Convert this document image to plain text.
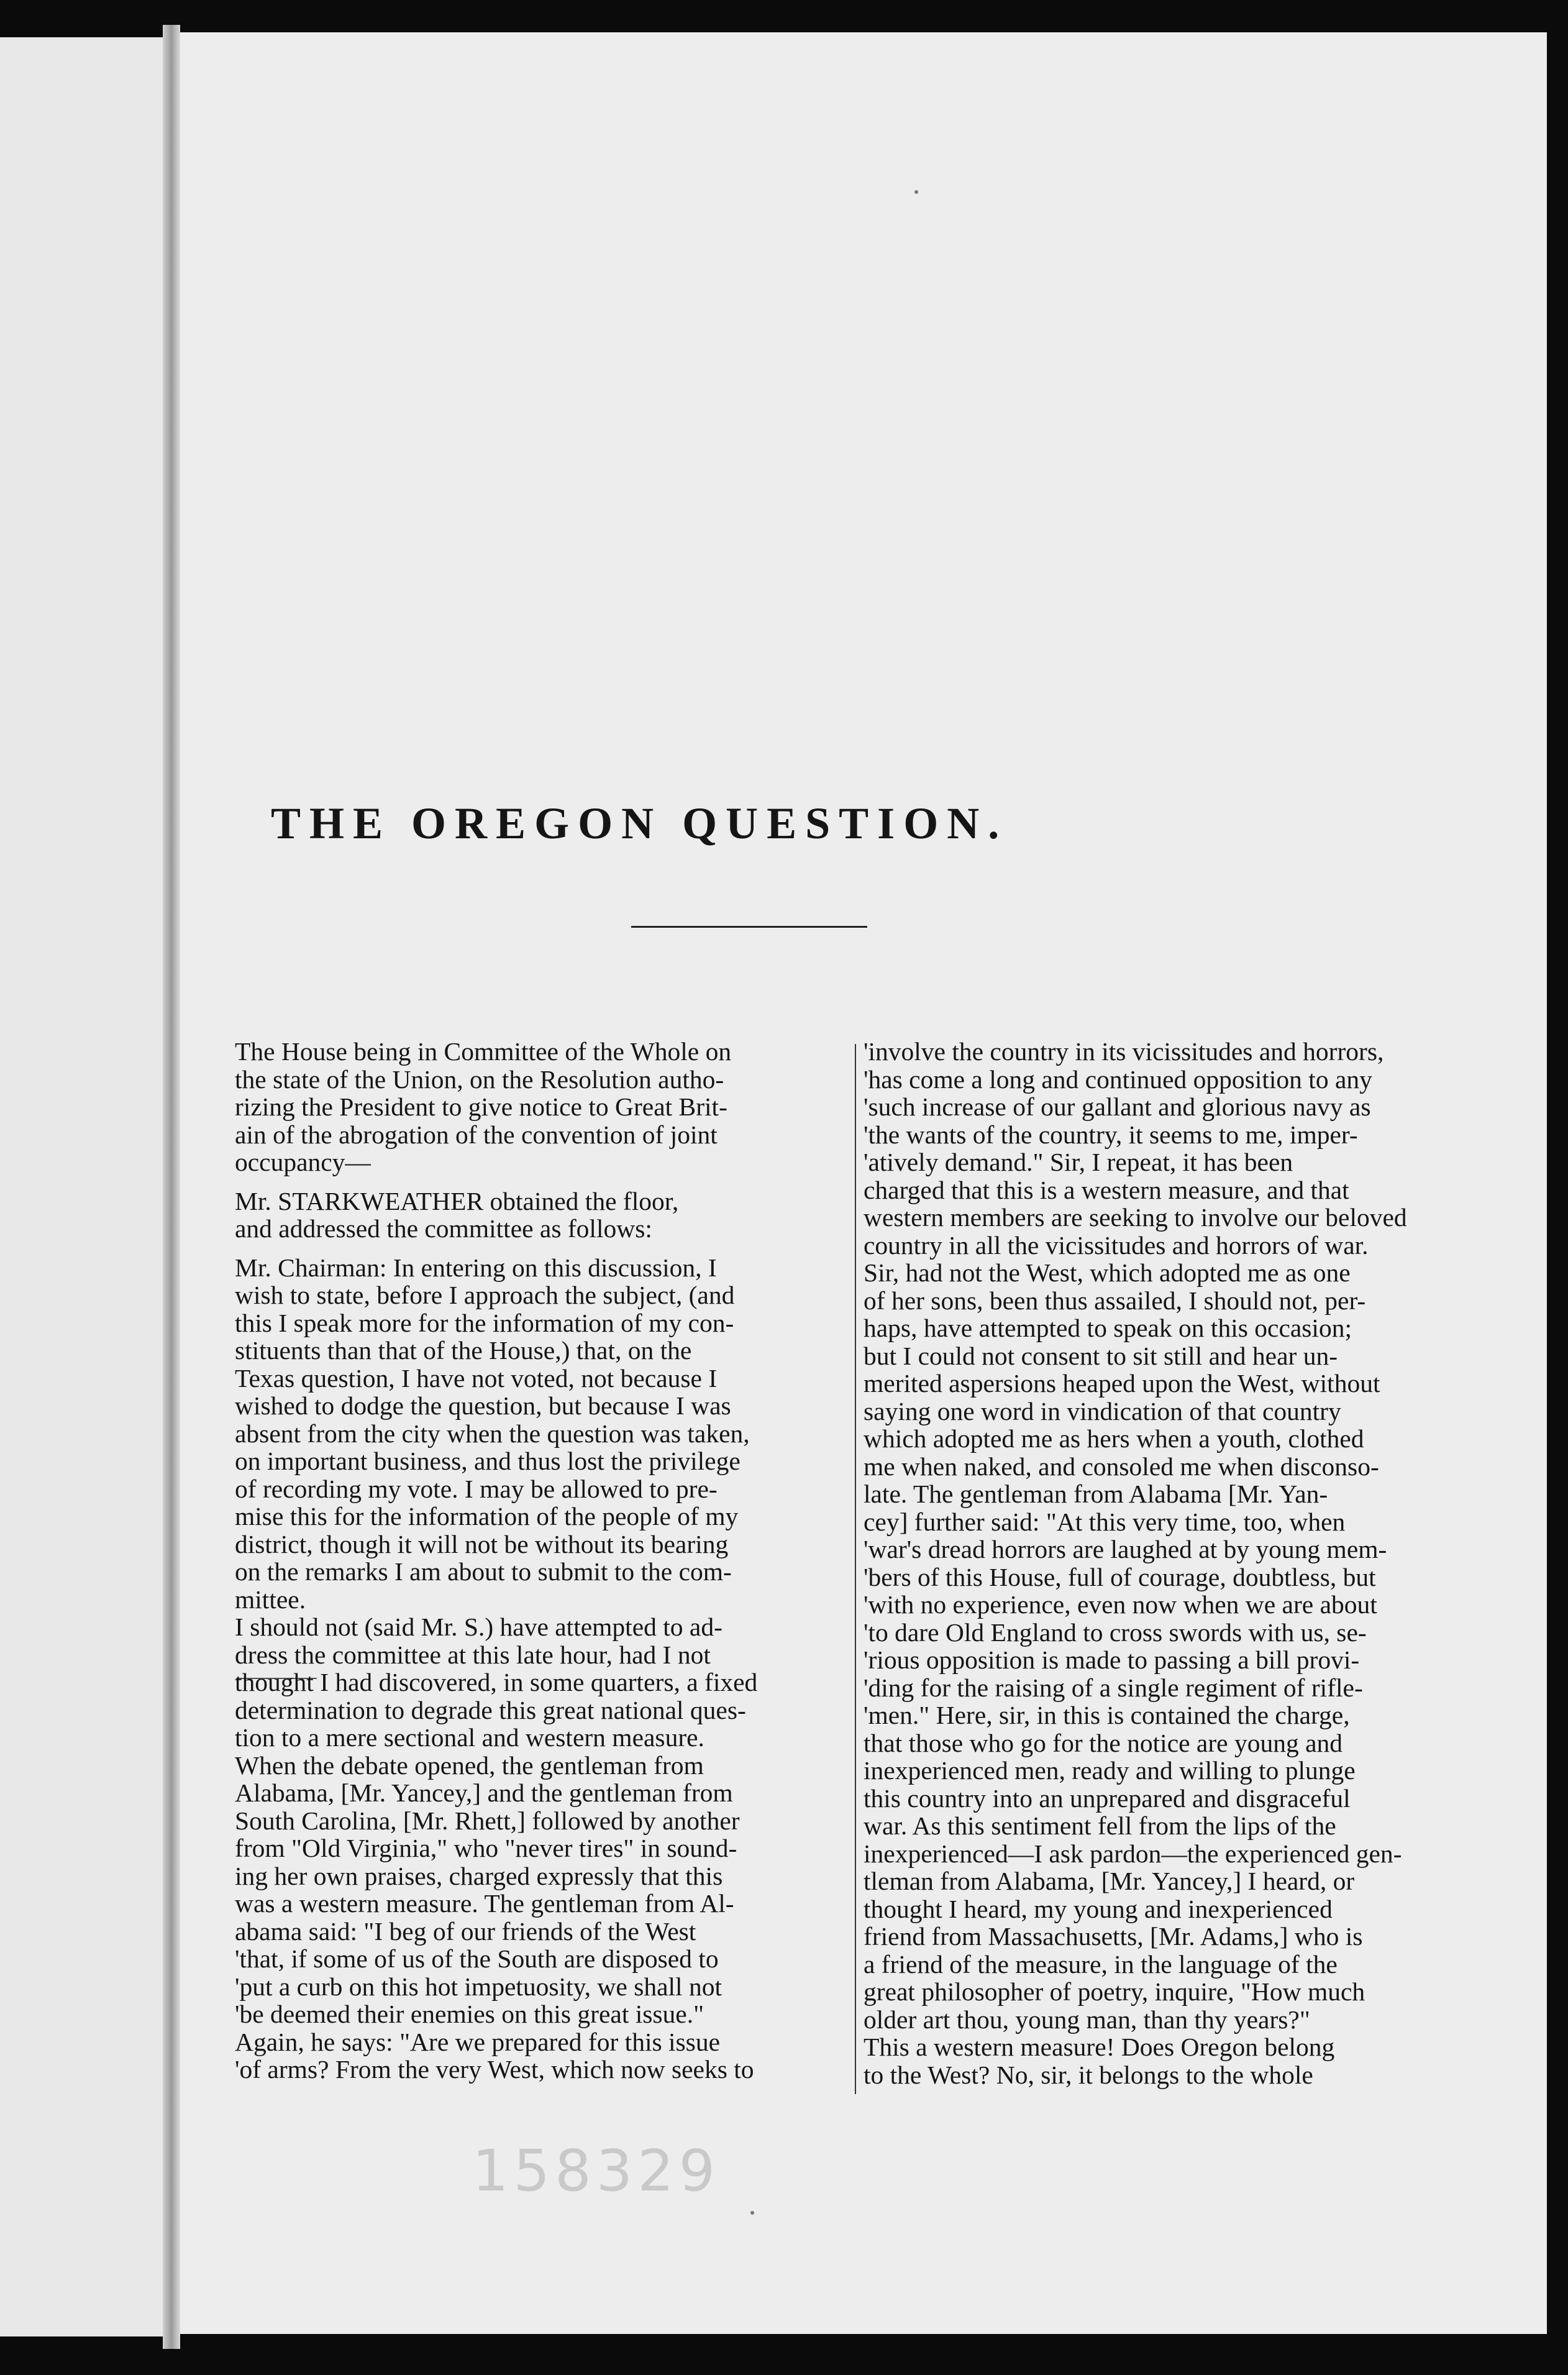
THE OREGON QUESTION.
The House being in Committee of the Whole on
the state of the Union, on the Resolution autho-
rizing the President to give notice to Great Brit-
ain of the abrogation of the convention of joint
occupancy—
Mr. STARKWEATHER obtained the floor,
and addressed the committee as follows:
Mr. Chairman: In entering on this discussion, I
wish to state, before I approach the subject, (and
this I speak more for the information of my con-
stituents than that of the House,) that, on the
Texas question, I have not voted, not because I
wished to dodge the question, but because I was
absent from the city when the question was taken,
on important business, and thus lost the privilege
of recording my vote. I may be allowed to pre-
mise this for the information of the people of my
district, though it will not be without its bearing
on the remarks I am about to submit to the com-
mittee.
I should not (said Mr. S.) have attempted to ad-
dress the committee at this late hour, had I not
thought I had discovered, in some quarters, a fixed
determination to degrade this great national ques-
tion to a mere sectional and western measure.
When the debate opened, the gentleman from
Alabama, [Mr. Yancey,] and the gentleman from
South Carolina, [Mr. Rhett,] followed by another
from "Old Virginia," who "never tires" in sound-
ing her own praises, charged expressly that this
was a western measure. The gentleman from Al-
abama said: "I beg of our friends of the West
'that, if some of us of the South are disposed to
'put a curb on this hot impetuosity, we shall not
'be deemed their enemies on this great issue."
Again, he says: "Are we prepared for this issue
'of arms? From the very West, which now seeks to
'involve the country in its vicissitudes and horrors,
'has come a long and continued opposition to any
'such increase of our gallant and glorious navy as
'the wants of the country, it seems to me, imper-
'atively demand." Sir, I repeat, it has been
charged that this is a western measure, and that
western members are seeking to involve our beloved
country in all the vicissitudes and horrors of war.
Sir, had not the West, which adopted me as one
of her sons, been thus assailed, I should not, per-
haps, have attempted to speak on this occasion;
but I could not consent to sit still and hear un-
merited aspersions heaped upon the West, without
saying one word in vindication of that country
which adopted me as hers when a youth, clothed
me when naked, and consoled me when disconso-
late. The gentleman from Alabama [Mr. Yan-
cey] further said: "At this very time, too, when
'war's dread horrors are laughed at by young mem-
'bers of this House, full of courage, doubtless, but
'with no experience, even now when we are about
'to dare Old England to cross swords with us, se-
'rious opposition is made to passing a bill provi-
'ding for the raising of a single regiment of rifle-
'men." Here, sir, in this is contained the charge,
that those who go for the notice are young and
inexperienced men, ready and willing to plunge
this country into an unprepared and disgraceful
war. As this sentiment fell from the lips of the
inexperienced—I ask pardon—the experienced gen-
tleman from Alabama, [Mr. Yancey,] I heard, or
thought I heard, my young and inexperienced
friend from Massachusetts, [Mr. Adams,] who is
a friend of the measure, in the language of the
great philosopher of poetry, inquire, "How much
older art thou, young man, than thy years?"
This a western measure! Does Oregon belong
to the West? No, sir, it belongs to the whole
158329
